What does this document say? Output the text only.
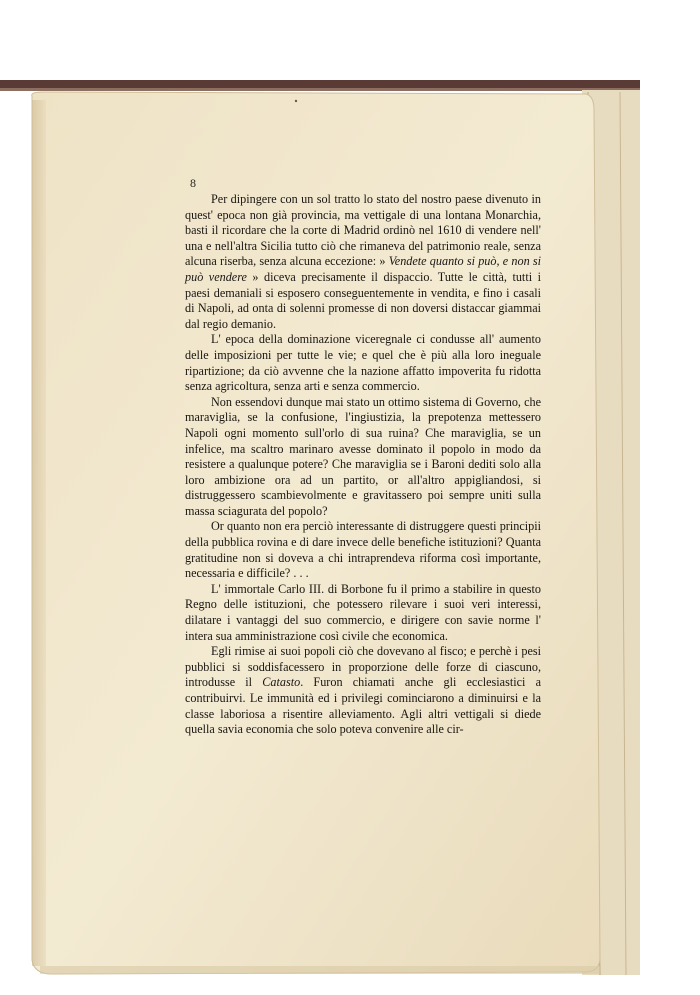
8

Per dipingere con un sol tratto lo stato del nostro paese divenuto in quest' epoca non già provincia, ma vettigale di una lontana Monarchia, basti il ricordare che la corte di Madrid ordinò nel 1610 di vendere nell' una e nell'altra Sicilia tutto ciò che rimaneva del patrimonio reale, senza alcuna riserba, senza alcuna eccezione: » Vendete quanto si può, e non si può vendere » diceva precisamente il dispaccio. Tutte le città, tutti i paesi demaniali si esposero conseguentemente in vendita, e fino i casali di Napoli, ad onta di solenni promesse di non doversi distaccar giammai dal regio demanio.

L' epoca della dominazione viceregnale ci condusse all' aumento delle imposizioni per tutte le vie; e quel che è più alla loro ineguale ripartizione; da ciò avvenne che la nazione affatto impoverita fu ridotta senza agricoltura, senza arti e senza commercio.

Non essendovi dunque mai stato un ottimo sistema di Governo, che maraviglia, se la confusione, l'ingiustizia, la prepotenza mettessero Napoli ogni momento sull'orlo di sua ruina? Che maraviglia, se un infelice, ma scaltro marinaro avesse dominato il popolo in modo da resistere a qualunque potere? Che maraviglia se i Baroni dediti solo alla loro ambizione ora ad un partito, or all'altro appigliandosi, si distruggessero scambievolmente e gravitassero poi sempre uniti sulla massa sciagurata del popolo?

Or quanto non era perciò interessante di distruggere questi principii della pubblica rovina e di dare invece delle benefiche istituzioni? Quanta gratitudine non si doveva a chi intraprendeva riforma così importante, necessaria e difficile? . . .

L' immortale Carlo III. di Borbone fu il primo a stabilire in questo Regno delle istituzioni, che potessero rilevare i suoi veri interessi, dilatare i vantaggi del suo commercio, e dirigere con savie norme l' intera sua amministrazione così civile che economica.

Egli rimise ai suoi popoli ciò che dovevano al fisco; e perchè i pesi pubblici si soddisfacessero in proporzione delle forze di ciascuno, introdusse il Catasto. Furon chiamati anche gli ecclesiastici a contribuirvi. Le immunità ed i privilegi cominciarono a diminuirsi e la classe laboriosa a risentire alleviamento. Agli altri vettigali si diede quella savia economia che solo poteva convenire alle cir-
